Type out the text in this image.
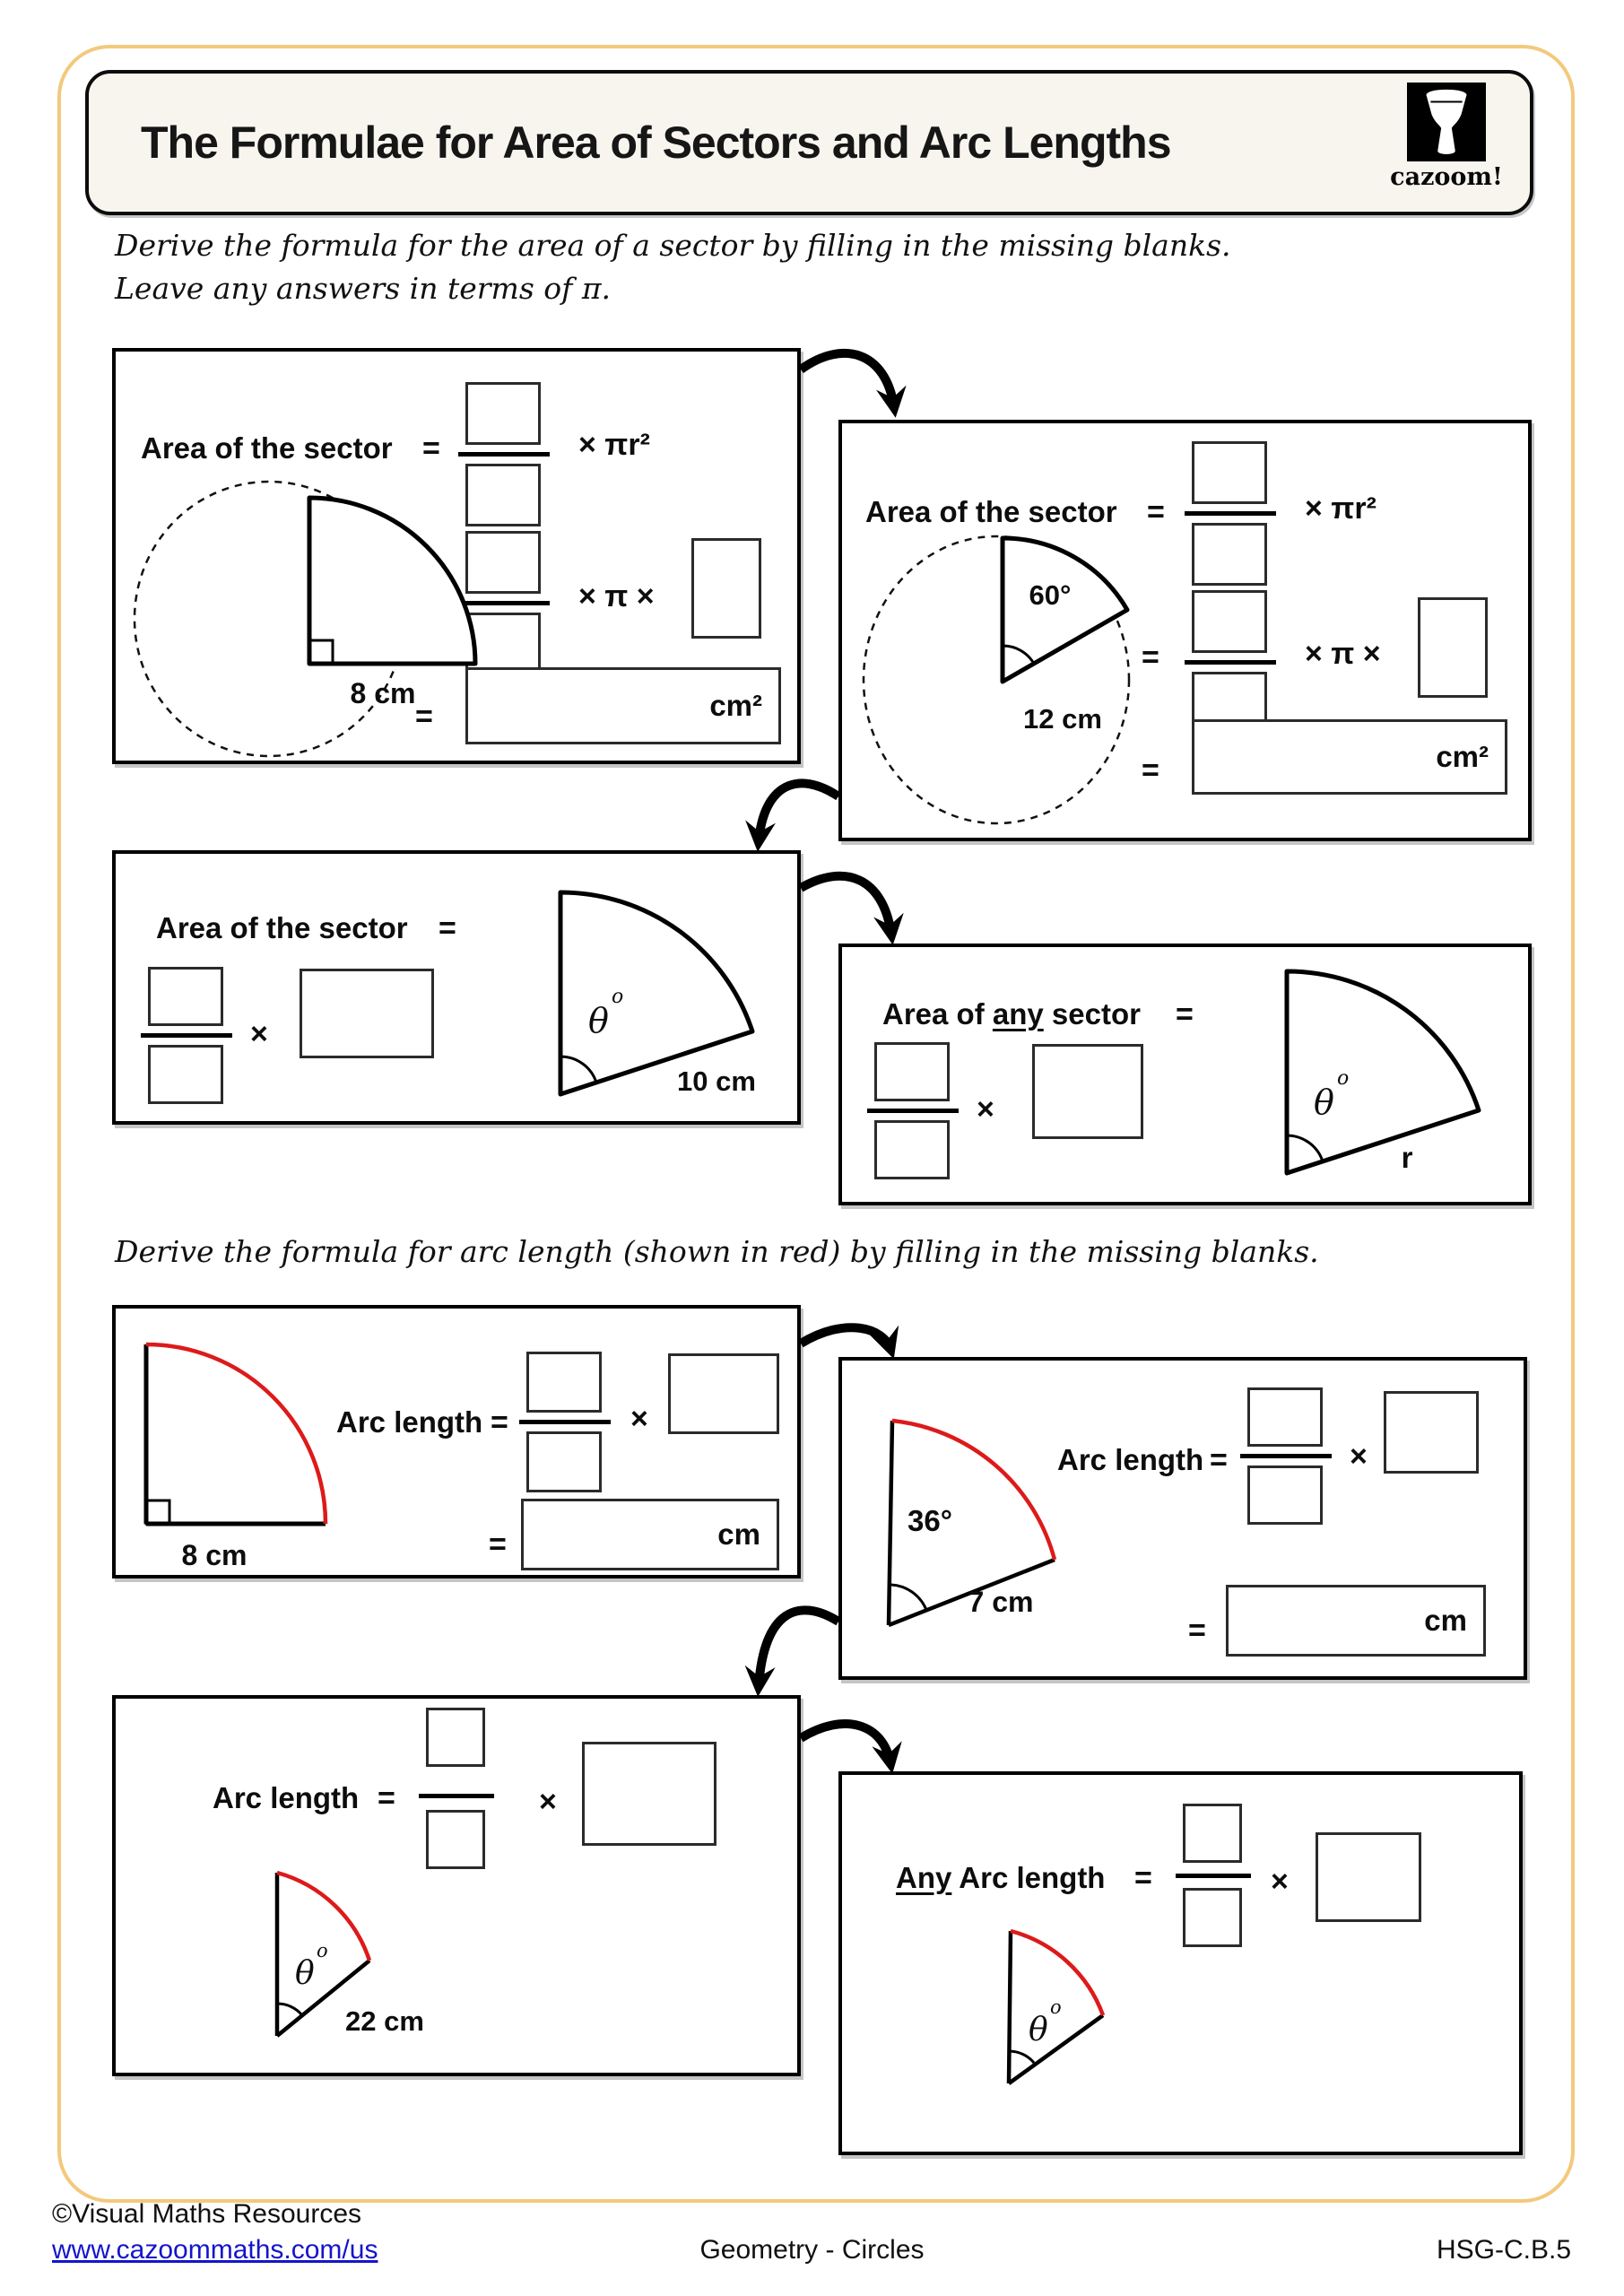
The Formulae for Area of Sectors and Arc Lengths
cazoom!
Derive the formula for the area of a sector by filling in the missing blanks.
Leave any answers in terms of π.
Derive the formula for arc length (shown in red) by filling in the missing blanks.
Area of the sector =	× πr²
× π ×
=	cm²
8 cm
Area of the sector =	× πr²
=	× π ×
=	cm²
60°
12 cm
Area of the sector =
×	θ
o
10 cm
Area of any sector =
×	θ
o
r
8 cm
Arc length =	×
=	cm	36°
7 cm
Arc length =	×
=	cm
Arc length =	×
θ
o
22 cm
Any Arc length =	×
θ
o
©Visual Maths Resources
www.cazoommaths.com/us	Geometry - Circles	HSG-C.B.5
